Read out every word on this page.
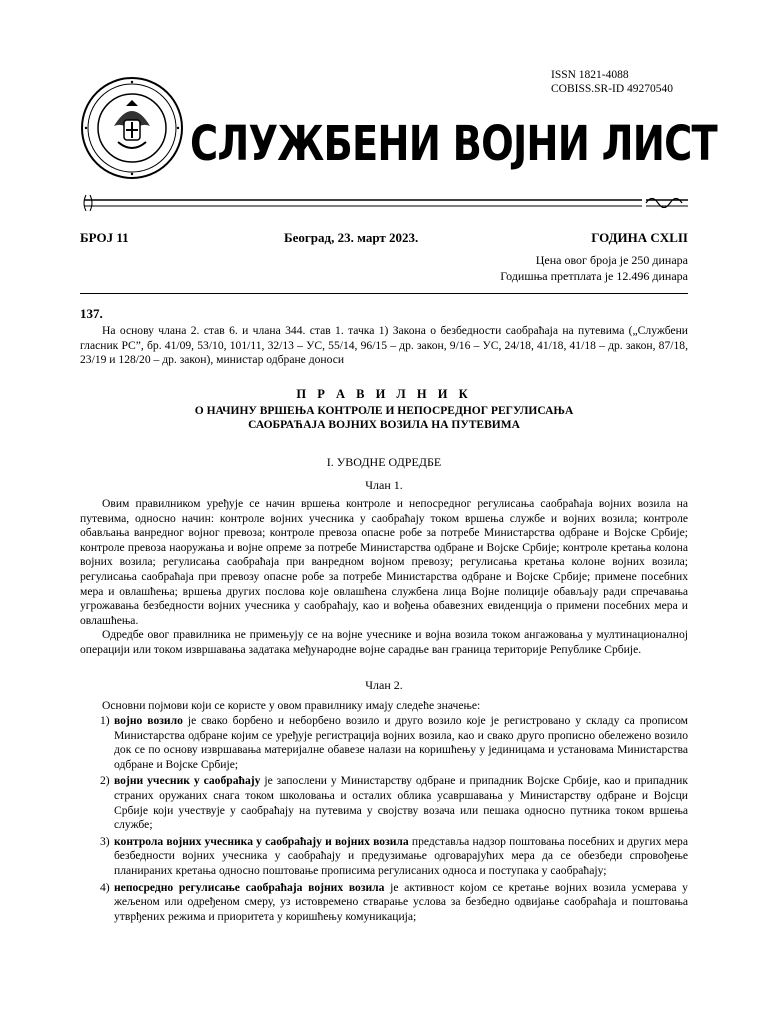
ISSN 1821-4088
COBISS.SR-ID 49270540
СЛУЖБЕНИ ВОЈНИ ЛИСТ
БРОЈ 11	Београд, 23. март 2023.	ГОДИНА CXLII
Цена овог броја је 250 динара
Годишња претплата је 12.496 динара
137.
На основу члана 2. став 6. и члана 344. став 1. тачка 1) Закона о безбедности саобраћаја на путевима („Службени гласник РС”, бр. 41/09, 53/10, 101/11, 32/13 – УС, 55/14, 96/15 – др. закон, 9/16 – УС, 24/18, 41/18, 41/18 – др. закон, 87/18, 23/19 и 128/20 – др. закон), министар одбране доноси
П Р А В И Л Н И К
О НАЧИНУ ВРШЕЊА КОНТРОЛЕ И НЕПОСРЕДНОГ РЕГУЛИСАЊА
САОБРАЋАЈА ВОЈНИХ ВОЗИЛА НА ПУТЕВИМА
I. УВОДНЕ ОДРЕДБЕ
Члан 1.
Овим правилником уређује се начин вршења контроле и непосредног регулисања саобраћаја војних возила на путевима, односно начин: контроле војних учесника у саобраћају током вршења службе и војних возила; контроле обављања ванредног војног превоза; контроле превоза опасне робе за потребе Министарства одбране и Војске Србије; контроле превоза наоружања и војне опреме за потребе Министарства одбране и Војске Србије; контроле кретања колона војних возила; регулисања саобраћаја при ванредном војном превозу; регулисања кретања колоне војних возила; регулисања саобраћаја при превозу опасне робе за потребе Министарства одбране и Војске Србије; примене посебних мера и овлашћења; вршења других послова које овлашћена службена лица Војне полиције обављају ради спречавања угрожавања безбедности војних учесника у саобраћају, као и вођења обавезних евиденција о примени посебних мера и овлашћења.
Одредбе овог правилника не примењују се на војне учеснике и војна возила током ангажовања у мултинационалној операцији или током извршавања задатака међународне војне сарадње ван граница територије Републике Србије.
Члан 2.
Основни појмови који се користе у овом правилнику имају следеће значење:
1) војно возило је свако борбено и неборбено возило и друго возило које је регистровано у складу са прописом Министарства одбране којим се уређује регистрација војних возила, као и свако друго прописно обележено возило док се по основу извршавања материјалне обавезе налази на коришћењу у јединицама и установама Министарства одбране и Војске Србије;
2) војни учесник у саобраћају је запослени у Министарству одбране и припадник Војске Србије, као и припадник страних оружаних снага током школовања и осталих облика усавршавања у Министарству одбране и Војсци Србије који учествује у саобраћају на путевима у својству возача или пешака односно путника током вршења службе;
3) контрола војних учесника у саобраћају и војних возила представља надзор поштовања посебних и других мера безбедности војних учесника у саобраћају и предузимање одговарајућих мера да се обезбеди спровођење планираних кретања односно поштовање прописима регулисаних односа и поступака у саобраћају;
4) непосредно регулисање саобраћаја војних возила је активност којом се кретање војних возила усмерава у жељеном или одређеном смеру, уз истовремено стварање услова за безбедно одвијање саобраћаја и поштовања утврђених режима и приоритета у коришћењу комуникација;
